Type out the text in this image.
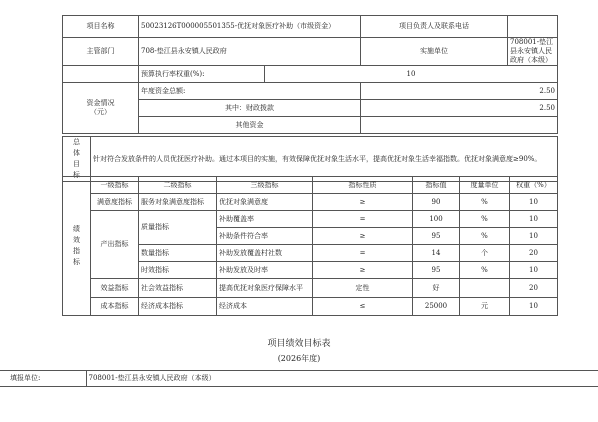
项目名称	50023126T000005501355-优抚对象医疗补助（市级资金）		项目负责人及联系电话	
主管部门	708-垫江县永安镇人民政府		实施单位	708001-垫江县永安镇人民政府（本级）
	预算执行率权重(%):	10		
资金情况
（元）	年度资金总额:		2.50	
	其中：财政拨款		2.50	
	其他资金			
总
体
目
标	针对符合发放条件的人员优抚医疗补助。通过本项目的实施，有效保障优抚对象生活水平，提高优抚对象生活幸福指数。优抚对象满意度≥90%。
绩
效
指
标	一级指标	二级指标	三级指标	指标性质	指标值	度量单位	权重（%）
	满意度指标	服务对象满意度指标	优抚对象满意度	≥	90	%	10
	产出指标	质量指标	补助覆盖率	=	100	%	10
			补助条件符合率	≥	95	%	10
		数量指标	补助发放覆盖村社数	=	14	个	20
		时效指标	补助发放及时率	≥	95	%	10
	效益指标	社会效益指标	提高优抚对象医疗保障水平	定性	好		20
	成本指标	经济成本指标	经济成本	≤	25000	元	10
项目绩效目标表
(2026年度)
填报单位:	708001-垫江县永安镇人民政府（本级）
